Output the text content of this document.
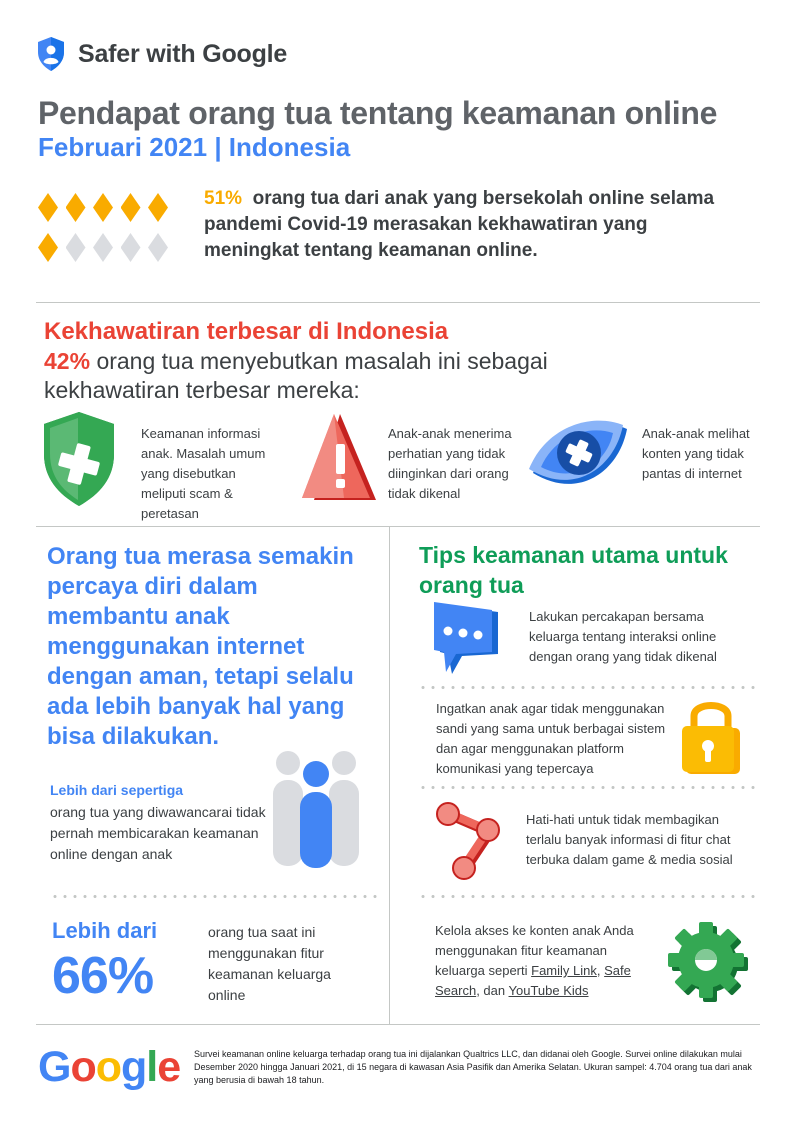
Safer with Google
Pendapat orang tua tentang keamanan online
Februari 2021 | Indonesia
51% orang tua dari anak yang bersekolah online selama pandemi Covid-19 merasakan kekhawatiran yang meningkat tentang keamanan online.
Kekhawatiran terbesar di Indonesia
42% orang tua menyebutkan masalah ini sebagai kekhawatiran terbesar mereka:
Keamanan informasi anak. Masalah umum yang disebutkan meliputi scam & peretasan
Anak-anak menerima perhatian yang tidak diinginkan dari orang tidak dikenal
Anak-anak melihat konten yang tidak pantas di internet
Orang tua merasa semakin percaya diri dalam membantu anak menggunakan internet dengan aman, tetapi selalu ada lebih banyak hal yang bisa dilakukan.
Lebih dari sepertiga
orang tua yang diwawancarai tidak pernah membicarakan keamanan online dengan anak
Lebih dari
66%
orang tua saat ini menggunakan fitur keamanan keluarga online
Tips keamanan utama untuk orang tua
Lakukan percakapan bersama keluarga tentang interaksi online dengan orang yang tidak dikenal
Ingatkan anak agar tidak menggunakan sandi yang sama untuk berbagai sistem dan agar menggunakan platform komunikasi yang tepercaya
Hati-hati untuk tidak membagikan terlalu banyak informasi di fitur chat terbuka dalam game & media sosial
Kelola akses ke konten anak Anda menggunakan fitur keamanan keluarga seperti Family Link, Safe Search, dan YouTube Kids
Google Survei keamanan online keluarga terhadap orang tua ini dijalankan Qualtrics LLC, dan didanai oleh Google. Survei online dilakukan mulai Desember 2020 hingga Januari 2021, di 15 negara di kawasan Asia Pasifik dan Amerika Selatan. Ukuran sampel: 4.704 orang tua dari anak yang berusia di bawah 18 tahun.
